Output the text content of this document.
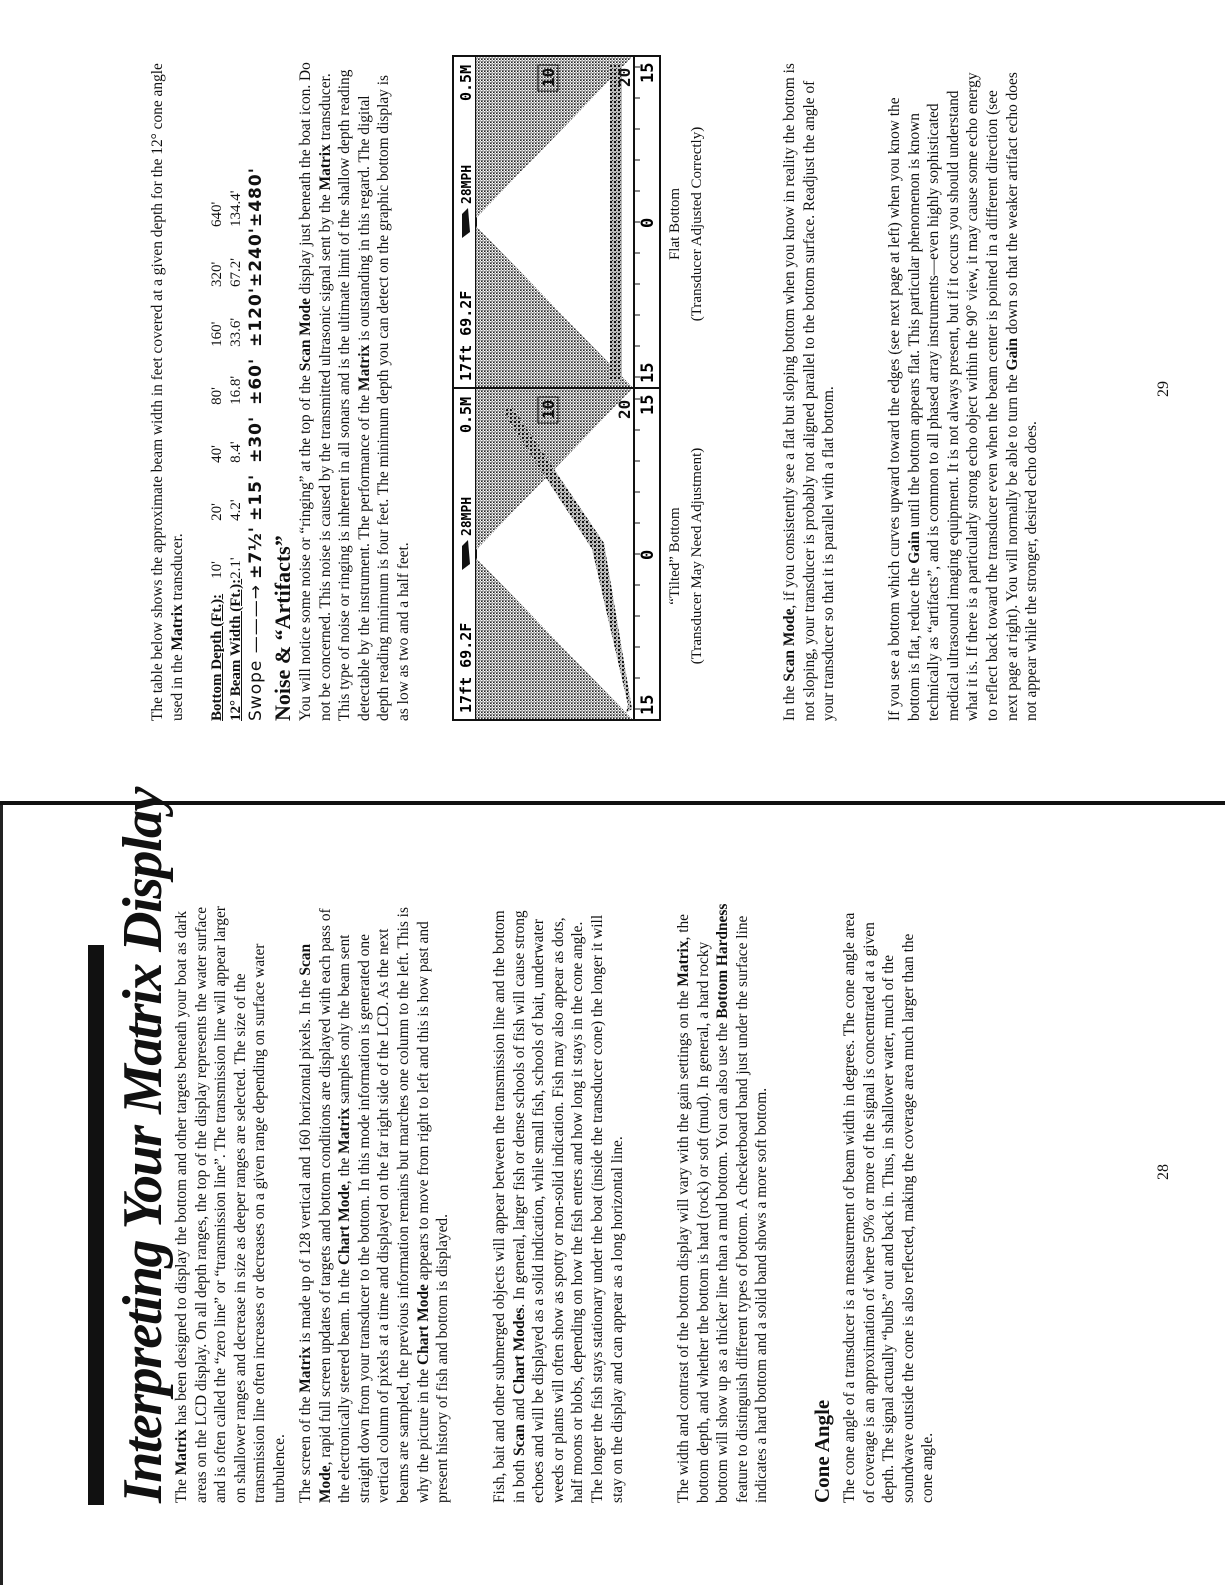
Interpreting Your Matrix Display The Matrix has been designed to display the bottom and other targets beneath your boat as dark areas on the LCD display. On all depth ranges, the top of the display represents the water surface and is often called the “zero line” or “transmission line”. The transmission line will appear larger on shallower ranges and decrease in size as deeper ranges are selected. The size of the transmission line often increases or decreases on a given range depending on surface water turbulence. The screen of the Matrix is made up of 128 vertical and 160 horizontal pixels. In the Scan Mode, rapid full screen updates of targets and bottom conditions are displayed with each pass of the electronically steered beam. In the Chart Mode, the Matrix samples only the beam sent straight down from your transducer to the bottom. In this mode information is generated one vertical column of pixels at a time and displayed on the far right side of the LCD. As the next beams are sampled, the previous information remains but marches one column to the left. This is why the picture in the Chart Mode appears to move from right to left and this is how past and present history of fish and bottom is displayed.	Fish, bait and other submerged objects will appear between the transmission line and the bottom in both Scan and Chart Modes. In general, larger fish or dense schools of fish will cause strong echoes and will be displayed as a solid indication, while small fish, schools of bait, underwater weeds or plants will often show as spotty or non-solid indication. Fish may also appear as dots, half moons or blobs, depending on how the fish enters and how long it stays in the cone angle. The longer the fish stays stationary under the boat (inside the transducer cone) the longer it will stay on the display and can appear as a long horizontal line.	The width and contrast of the bottom display will vary with the gain settings on the Matrix, the bottom depth, and whether the bottom is hard (rock) or soft (mud). In general, a hard rocky bottom will show up as a thicker line than a mud bottom. You can also use the Bottom Hardness feature to distinguish different types of bottom. A checkerboard band just under the surface line indicates a hard bottom and a solid band shows a more soft bottom. Cone Angle The cone angle of a transducer is a measurement of beam width in degrees. The cone angle area of coverage is an approximation of where 50% or more of the signal is concentrated at a given depth. The signal actually “bulbs” out and back in. Thus, in shallower water, much of the soundwave outside the cone is also reflected, making the coverage area much larger than the cone angle.

28

The table below shows the approximate beam width in feet covered at a given depth for the 12° cone angle used in the Matrix transducer.

Bottom Depth (Ft.):	10'	20'	40'	80'	160'	320'	640'
12° Beam Width (Ft.):	2.1'	4.2'	8.4'	16.8'	33.6'	67.2'	134.4'
Swope ———→	±7½'	±15'	±30'	±60'	±120'	±240'	±480'
Noise & “Artifacts” You will notice some noise or “ringing” at the top of the Scan Mode display just beneath the boat icon. Do not be concerned. This noise is caused by the transmitted ultrasonic signal sent by the Matrix transducer. This type of noise or ringing is inherent in all sonars and is the ultimate limit of the shallow depth reading detectable by the instrument. The performance of the Matrix is outstanding in this regard. The digital depth reading minimum is four feet. The minimum depth you can detect on the graphic bottom display is as low as two and a half feet.

10	20
15
0
15
17ft 69.2F
28MPH
0.5M
10	20
15
0
15
17ft 69.2F
28MPH
0.5M
“Tilted” Bottom (Transducer May Need Adjustment)
Flat Bottom (Transducer Adjusted Correctly)

In the Scan Mode, if you consistently see a flat but sloping bottom when you know in reality the bottom is not sloping, your transducer is probably not aligned parallel to the bottom surface. Readjust the angle of your transducer so that it is parallel with a flat bottom.	If you see a bottom which curves upward toward the edges (see next page at left) when you know the bottom is flat, reduce the Gain until the bottom appears flat. This particular phenomenon is known technically as “artifacts”, and is common to all phased array instruments—even highly sophisticated medical ultrasound imaging equipment. It is not always present, but if it occurs you should understand what it is. If there is a particularly strong echo object within the 90° view, it may cause some echo energy to reflect back toward the transducer even when the beam center is pointed in a different direction (see next page at right). You will normally be able to turn the Gain down so that the weaker artifact echo does not appear while the stronger, desired echo does.

29
